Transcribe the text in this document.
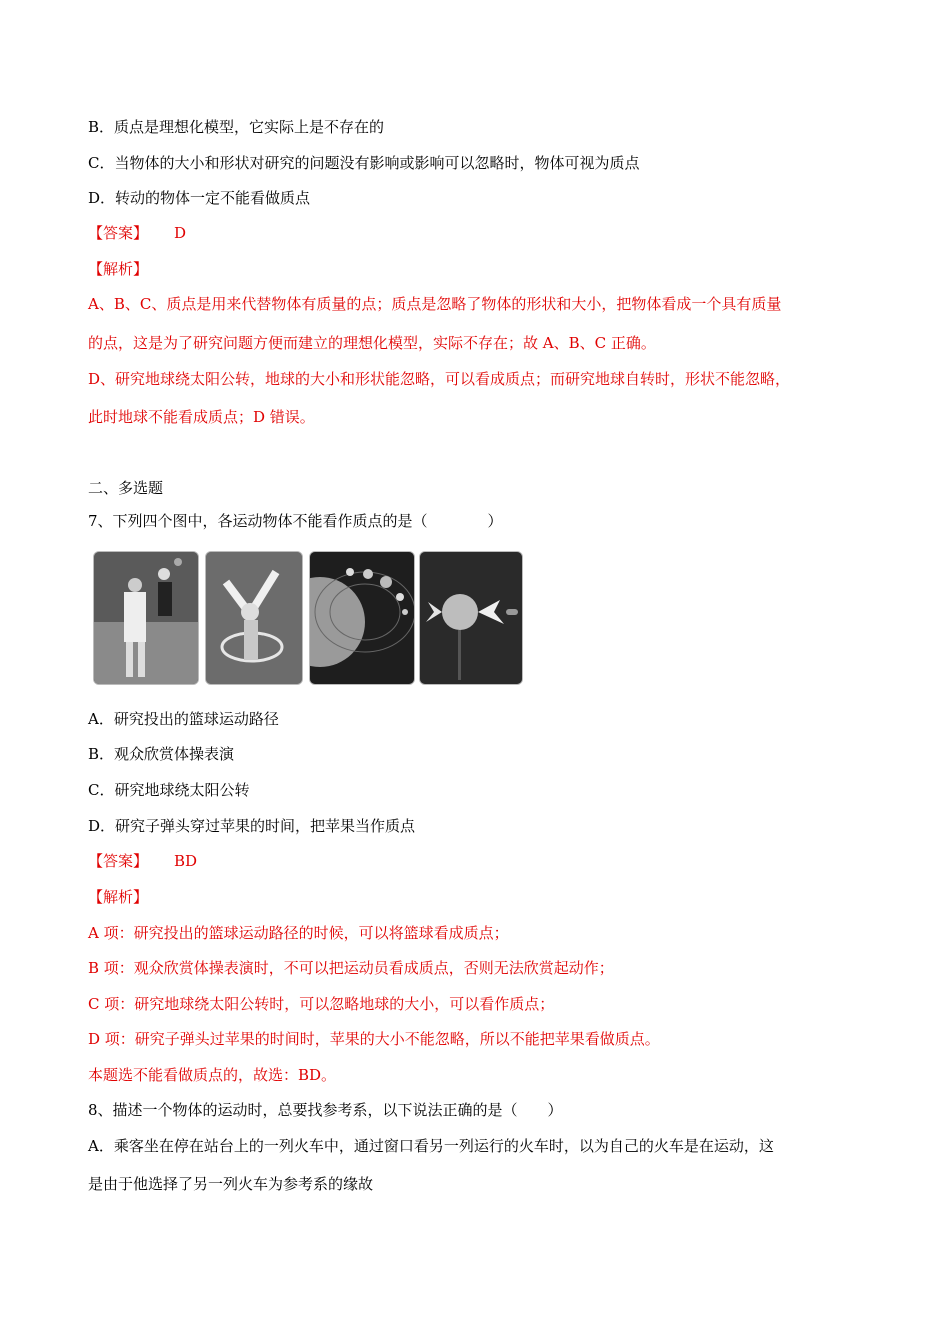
B．质点是理想化模型，它实际上是不存在的
C．当物体的大小和形状对研究的问题没有影响或影响可以忽略时，物体可视为质点
D．转动的物体一定不能看做质点
【答案】 D
【解析】
A、B、C、质点是用来代替物体有质量的点；质点是忽略了物体的形状和大小，把物体看成一个具有质量
的点，这是为了研究问题方便而建立的理想化模型，实际不存在；故 A、B、C 正确。
D、研究地球绕太阳公转，地球的大小和形状能忽略，可以看成质点；而研究地球自转时，形状不能忽略，
此时地球不能看成质点；D 错误。
二、多选题
7、下列四个图中，各运动物体不能看作质点的是（　　　　）
A．研究投出的篮球运动路径
B．观众欣赏体操表演
C．研究地球绕太阳公转
D．研究子弹头穿过苹果的时间，把苹果当作质点
【答案】 BD
【解析】
A 项：研究投出的篮球运动路径的时候，可以将篮球看成质点；
B 项：观众欣赏体操表演时，不可以把运动员看成质点，否则无法欣赏起动作；
C 项：研究地球绕太阳公转时，可以忽略地球的大小，可以看作质点；
D 项：研究子弹头过苹果的时间时，苹果的大小不能忽略，所以不能把苹果看做质点。
本题选不能看做质点的，故选：BD。
8、描述一个物体的运动时，总要找参考系，以下说法正确的是（　　）
A．乘客坐在停在站台上的一列火车中，通过窗口看另一列运行的火车时，以为自己的火车是在运动，这
是由于他选择了另一列火车为参考系的缘故
